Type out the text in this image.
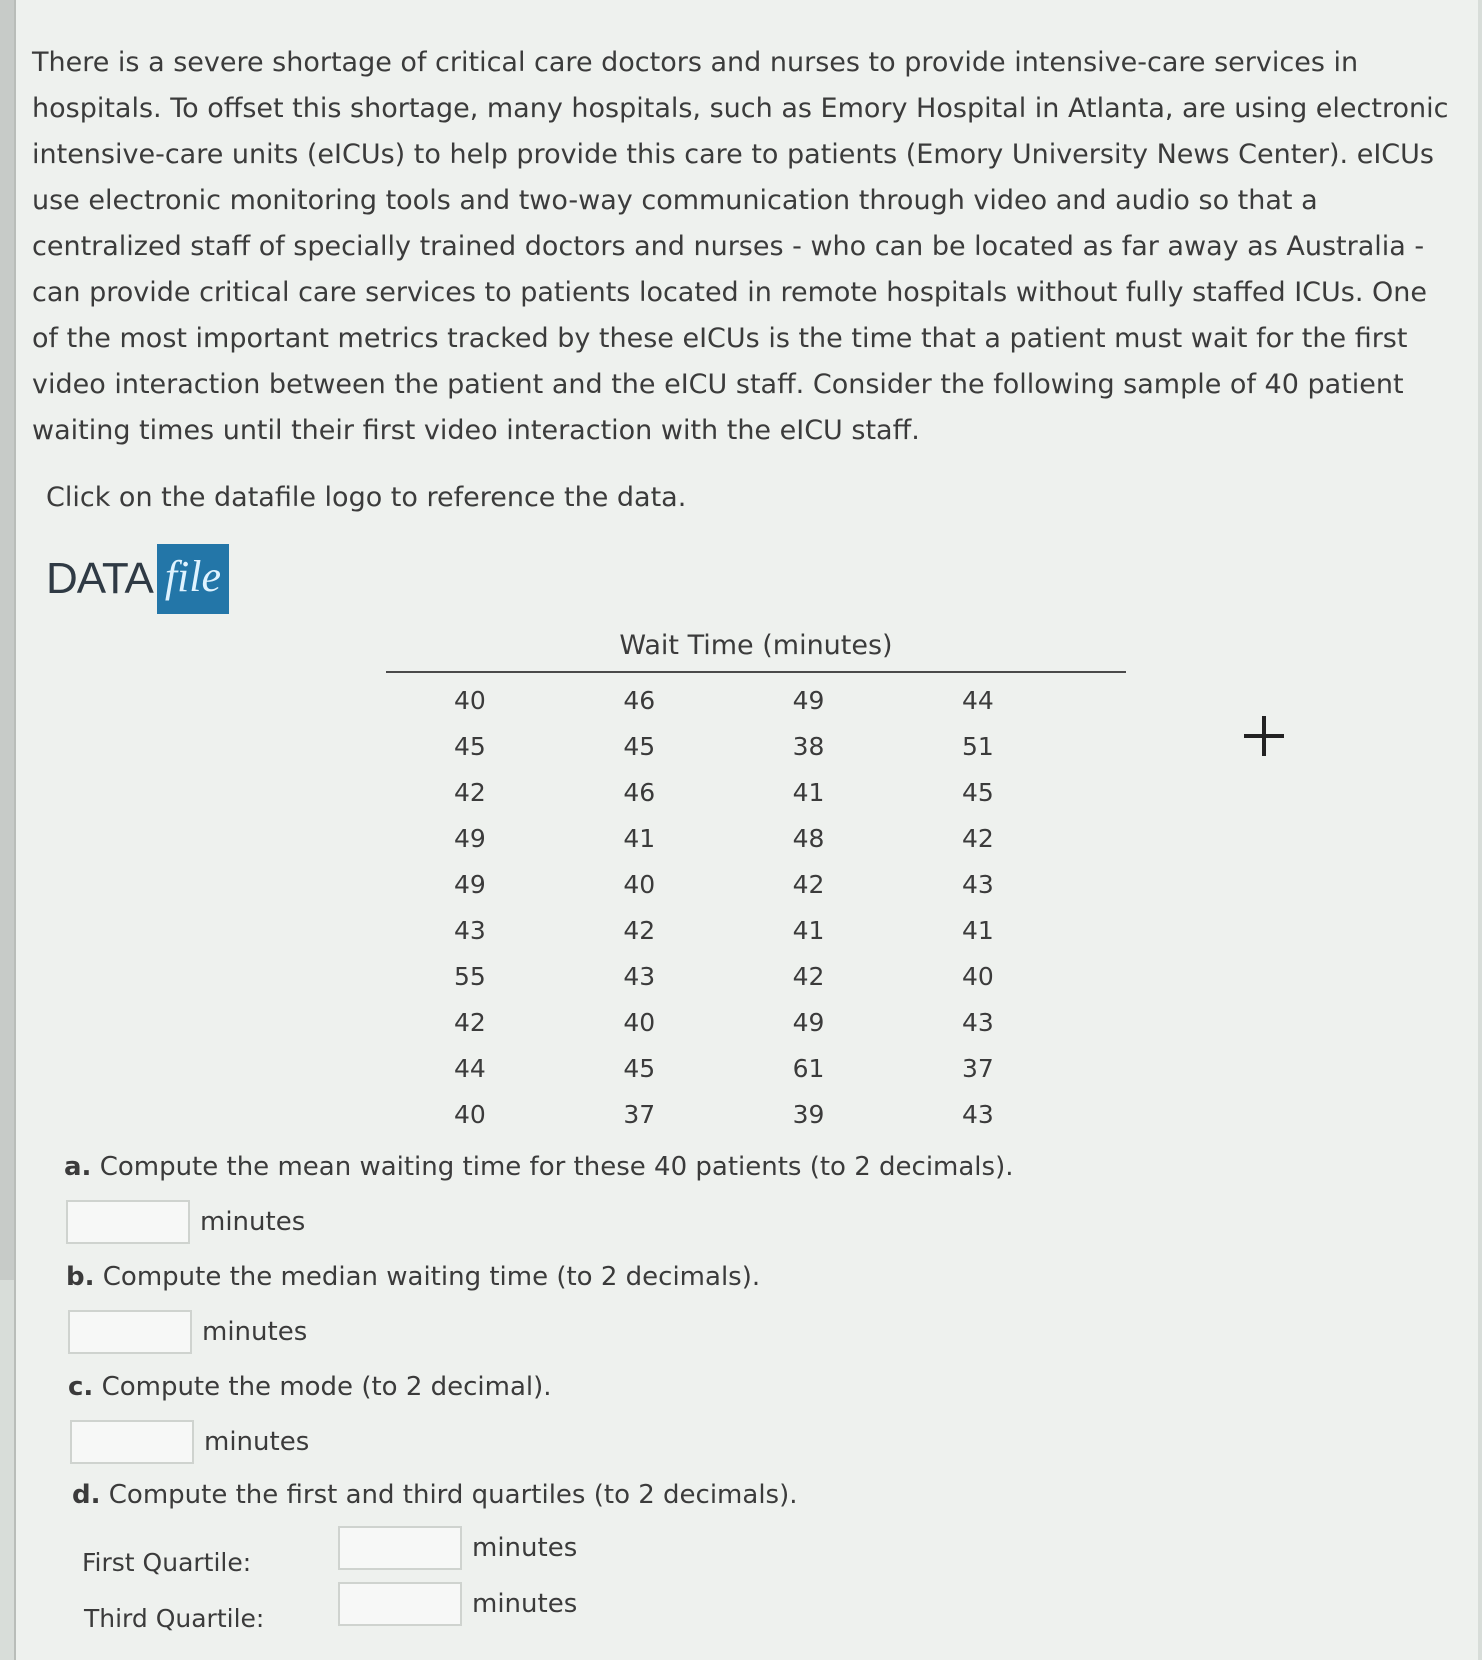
There is a severe shortage of critical care doctors and nurses to provide intensive-care services in hospitals. To offset this shortage, many hospitals, such as Emory Hospital in Atlanta, are using electronic intensive-care units (eICUs) to help provide this care to patients (Emory University News Center). eICUs use electronic monitoring tools and two-way communication through video and audio so that a centralized staff of specially trained doctors and nurses - who can be located as far away as Australia - can provide critical care services to patients located in remote hospitals without fully staffed ICUs. One of the most important metrics tracked by these eICUs is the time that a patient must wait for the first video interaction between the patient and the eICU staff. Consider the following sample of 40 patient waiting times until their first video interaction with the eICU staff.

Click on the datafile logo to reference the data.

DATA file
Wait Time (minutes)
40	46	49	44
45	45	38	51
42	46	41	45
49	41	48	42
49	40	42	43
43	42	41	41
55	43	42	40
42	40	49	43
44	45	61	37
40	37	39	43

a. Compute the mean waiting time for these 40 patients (to 2 decimals).

minutes

b. Compute the median waiting time (to 2 decimals).

minutes

c. Compute the mode (to 2 decimal).

minutes

d. Compute the first and third quartiles (to 2 decimals).

First Quartile:	minutes
Third Quartile:	minutes
